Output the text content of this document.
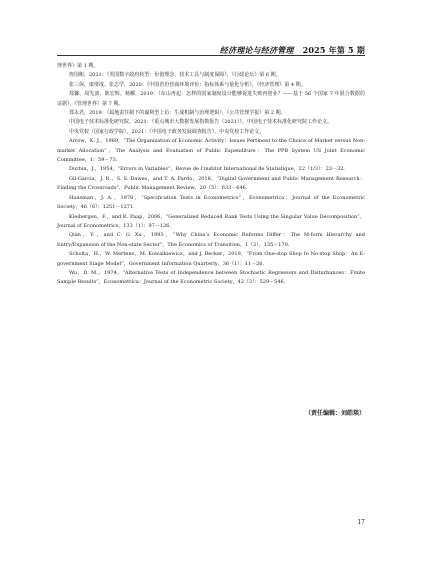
经济理论与经济管理 2025 年第 5 期

理世界》第 1 期。

詹国彬，2021：《英国数字政府转型：价值理念、技术工具与制度保障》，《行政论坛》第 6 期。

张三保、康璧成、张志学，2020：《中国省份营商环境评价：指标体系与量化分析》，《经济管理》第 4 期。

郑馨、周先波、陈宏辉、杨椰，2019：《东山再起：怎样的国家制度设计能够促进失败再创业？——基于 56 个国家 7 年混合数据的证据》，《管理世界》第 7 期。

郑永君，2019：《属地责任制下的谋利型上访：生成机制与治理逻辑》，《公共管理学报》第 2 期。

中国电子技术标准化研究院，2021：《重点城市大数据发展指数报告（2021）》，中国电子技术标准化研究院工作论文。

中央党校（国家行政学院），2021：《中国电子政务发展调查报告》，中央党校工作论文。

Arrow，K. J.，1969，“The Organization of Economic Activity：Issues Pertinent to the Choice of Market versus Non-market Allocation”，The Analysis and Evaluation of Public Expenditure：The PPB System US Joint Economic Committee，1：59－73.

Durbin，J.，1954，“Errors in Variables”，Revue de l’institut International de Statistique，22（1/3）：23－32.

Gil-Garcia，J. R.，S. S. Dawes，and T. A. Pardo，2018，“Digital Government and Public Management Research：Finding the Crossroads”，Public Management Review，20（5）：633－646.

Hausman，J. A.，1978，“Specification Tests in Econometrics”，Econometrica：Journal of the Econometric Society，46（6）：1251－1271.

Kleibergen，F.，and R. Paap，2006，“Generalized Reduced Rank Tests Using the Singular Value Decomposition”，Journal of Econometrics，133（1）：97－126.

Qian，Y.，and C. G. Xu，1993，“Why China’s Economic Reforms Differ：The M-form Hierarchy and Entry/Expansion of the Non-state Sector”，The Economics of Transition，1（2），135－170.

Scholta，H.，W. Mertens，M. Kowalkiewicz，and J. Becker，2019，“From One-stop Shop to No-stop Shop：An E-government Stage Model”，Government Information Quarterly，36（1）：11－26.

Wu，D. M.，1974，“Alternative Tests of Independence between Stochastic Regressors and Disturbances：Finite Sample Results”，Econometrica：Journal of the Econometric Society，42（3）：529－546.

（责任编辑：刘皓琰）
17
